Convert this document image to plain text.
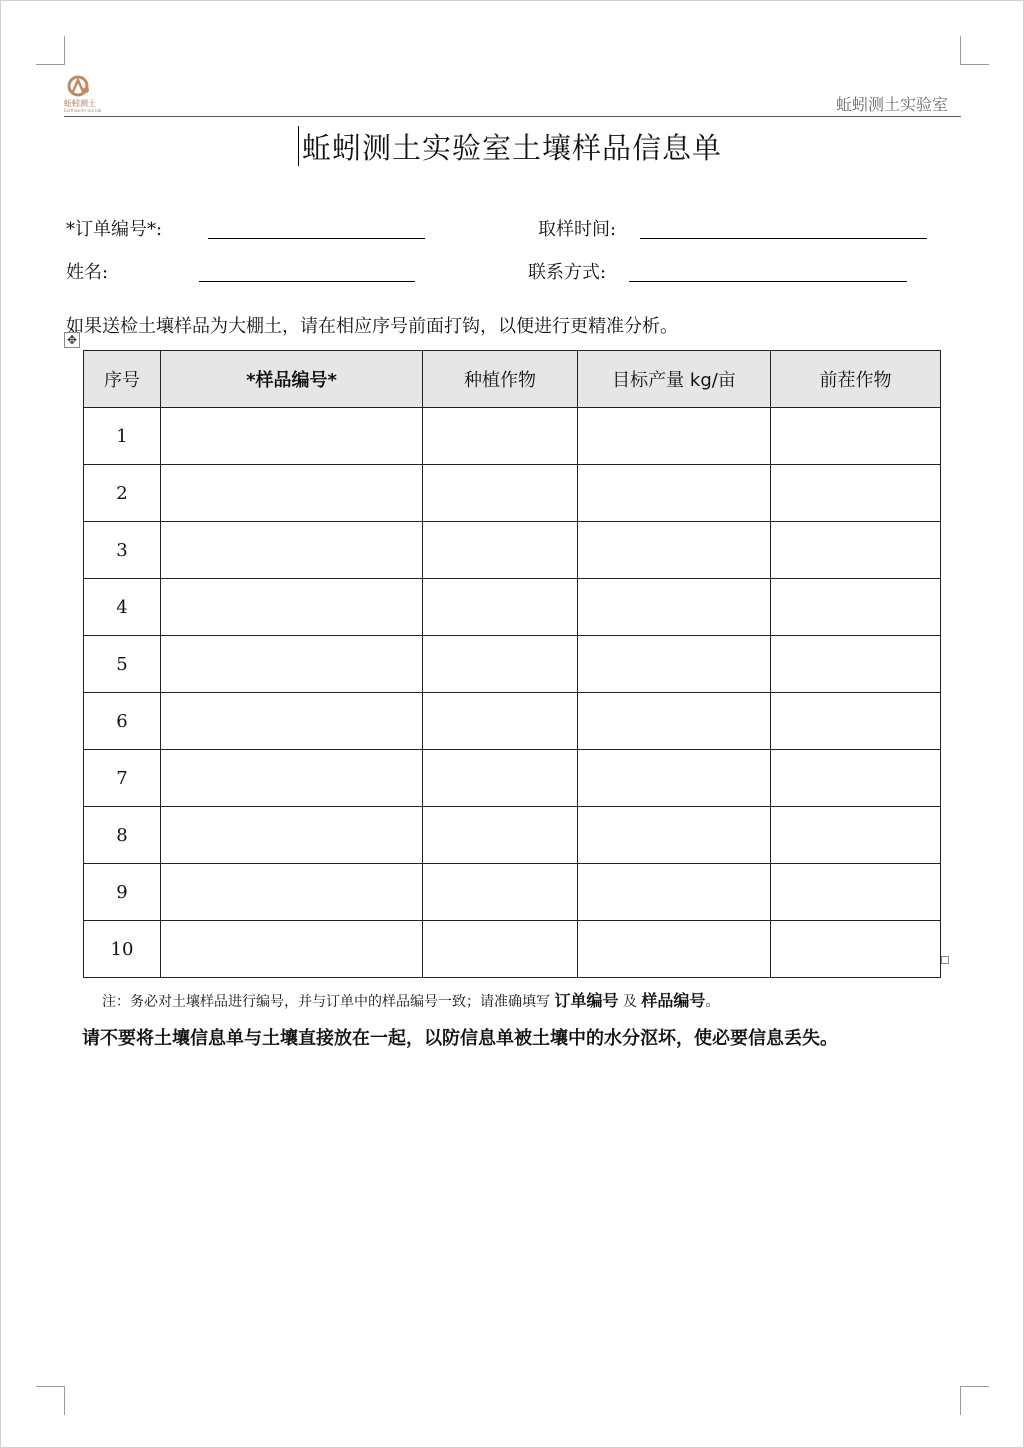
蚯蚓测土
Earthworm soil lab	蚯蚓测土实验室
蚯蚓测土实验室土壤样品信息单
*订单编号*:	取样时间:
姓名:	联系方式:
如果送检土壤样品为大棚土，请在相应序号前面打钩，以便进行更精准分析。
✥
序号	*样品编号*	种植作物	目标产量 kg/亩	前茬作物
1				
2				
3				
4				
5				
6				
7				
8				
9				
10				
注：务必对土壤样品进行编号，并与订单中的样品编号一致；请准确填写 订单编号 及 样品编号。
请不要将土壤信息单与土壤直接放在一起，以防信息单被土壤中的水分沤坏，使必要信息丢失。
